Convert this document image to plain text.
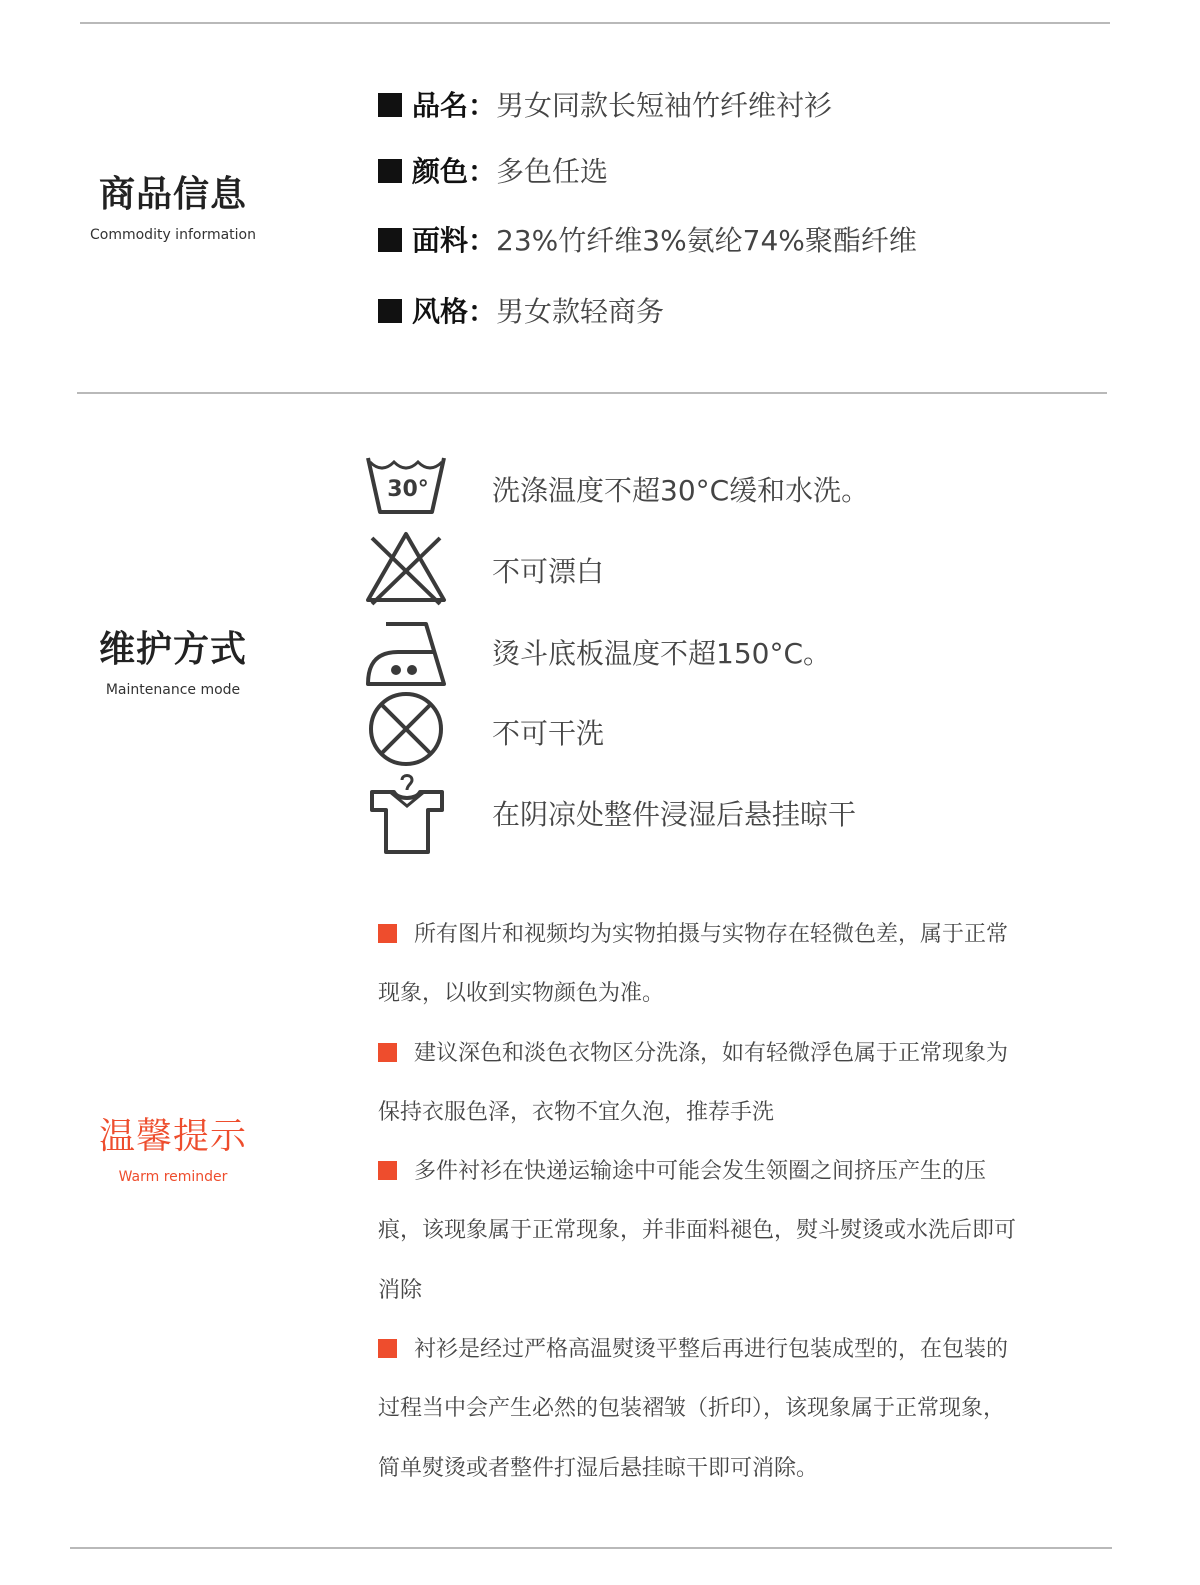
商品信息
Commodity information
品名：男女同款长短袖竹纤维衬衫
颜色：多色任选
面料：23%竹纤维3%氨纶74%聚酯纤维
风格：男女款轻商务
维护方式
Maintenance mode
30° 洗涤温度不超30°C缓和水洗。
不可漂白
烫斗底板温度不超150°C。
不可干洗
在阴凉处整件浸湿后悬挂晾干
温馨提示
Warm reminder

所有图片和视频均为实物拍摄与实物存在轻微色差，属于正常现象，以收到实物颜色为准。

建议深色和淡色衣物区分洗涤，如有轻微浮色属于正常现象为保持衣服色泽，衣物不宜久泡，推荐手洗

多件衬衫在快递运输途中可能会发生领圈之间挤压产生的压痕，该现象属于正常现象，并非面料褪色，熨斗熨烫或水洗后即可消除

衬衫是经过严格高温熨烫平整后再进行包装成型的，在包装的过程当中会产生必然的包装褶皱（折印），该现象属于正常现象，简单熨烫或者整件打湿后悬挂晾干即可消除。
